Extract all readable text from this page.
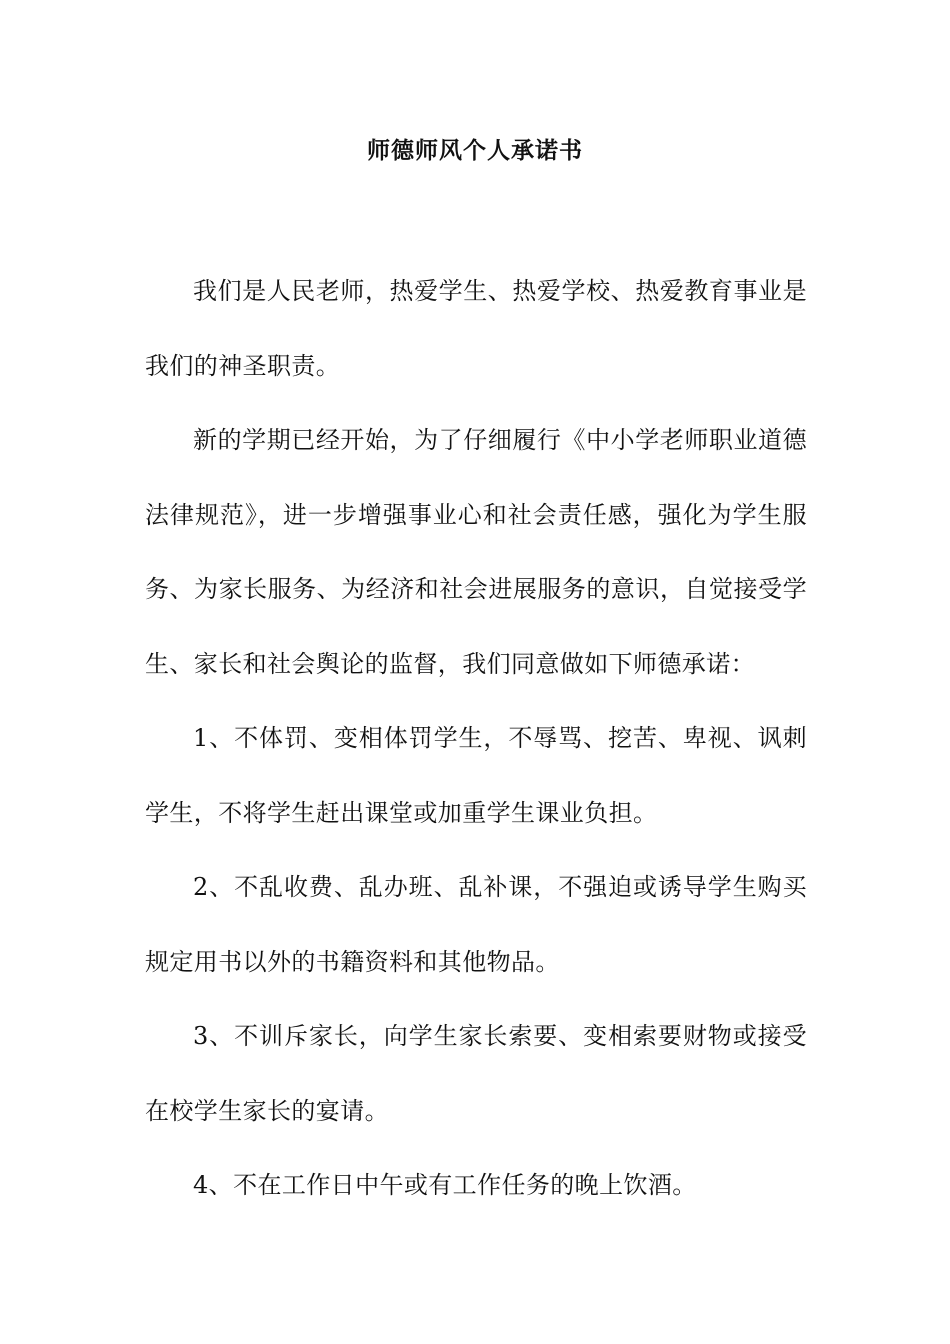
师德师风个人承诺书

我们是人民老师，热爱学生、热爱学校、热爱教育事业是我们的神圣职责。

新的学期已经开始，为了仔细履行《中小学老师职业道德法律规范》，进一步增强事业心和社会责任感，强化为学生服务、为家长服务、为经济和社会进展服务的意识，自觉接受学生、家长和社会舆论的监督，我们同意做如下师德承诺：

1、不体罚、变相体罚学生，不辱骂、挖苦、卑视、讽刺学生，不将学生赶出课堂或加重学生课业负担。

2、不乱收费、乱办班、乱补课，不强迫或诱导学生购买规定用书以外的书籍资料和其他物品。

3、不训斥家长，向学生家长索要、变相索要财物或接受在校学生家长的宴请。

4、不在工作日中午或有工作任务的晚上饮酒。
